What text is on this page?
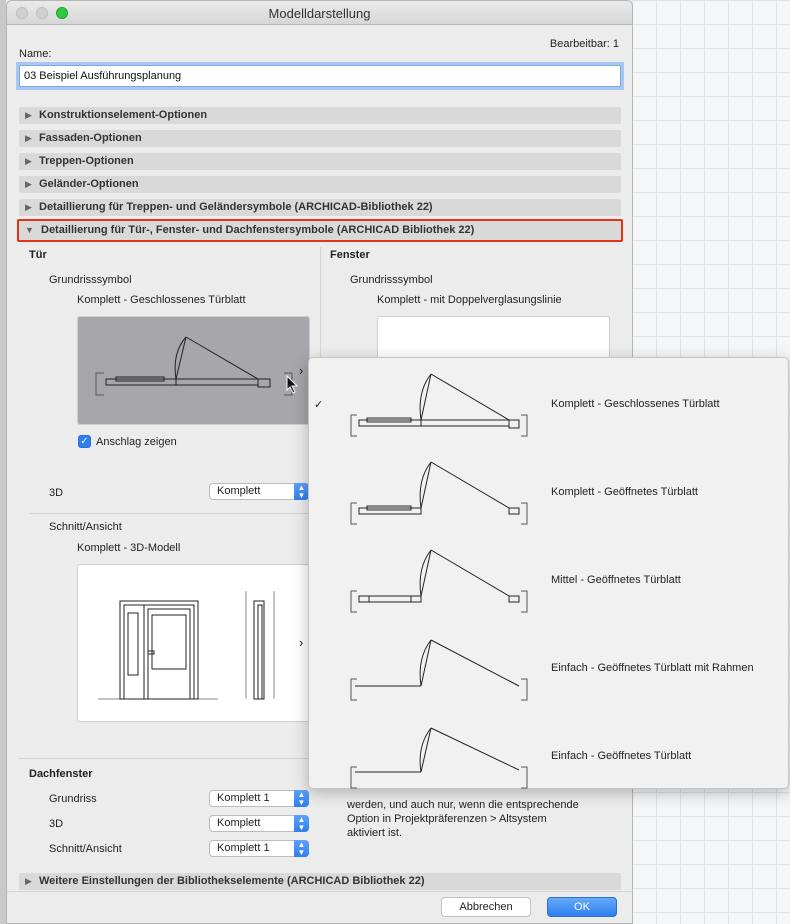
Modelldarstellung
Bearbeitbar: 1
Name:
03 Beispiel Ausführungsplanung
▶ Konstruktionselement-Optionen
▶ Fassaden-Optionen
▶ Treppen-Optionen
▶ Geländer-Optionen
▶ Detaillierung für Treppen- und Geländersymbole (ARCHICAD-Bibliothek 22)
▼ Detaillierung für Tür-, Fenster- und Dachfenstersymbole (ARCHICAD Bibliothek 22)
Tür
Grundrisssymbol
Komplett - Geschlossenes Türblatt
›
✓ Anschlag zeigen
3D	Komplett	▲
▼
Schnitt/Ansicht
Komplett - 3D-Modell
›
Fenster
Grundrisssymbol
Komplett - mit Doppelverglasungslinie
werden, und auch nur, wenn die entsprechende
Option in Projektpräferenzen > Altsystem
aktiviert ist.
Dachfenster
Grundriss	Komplett 1	▲
▼
3D	Komplett	▲
▼
Schnitt/Ansicht	Komplett 1	▲
▼
▶ Weitere Einstellungen der Bibliothekselemente (ARCHICAD Bibliothek 22)
Abbrechen	OK
✓	Komplett - Geschlossenes Türblatt
Komplett - Geöffnetes Türblatt
Mittel - Geöffnetes Türblatt
Einfach - Geöffnetes Türblatt mit Rahmen
Einfach - Geöffnetes Türblatt
